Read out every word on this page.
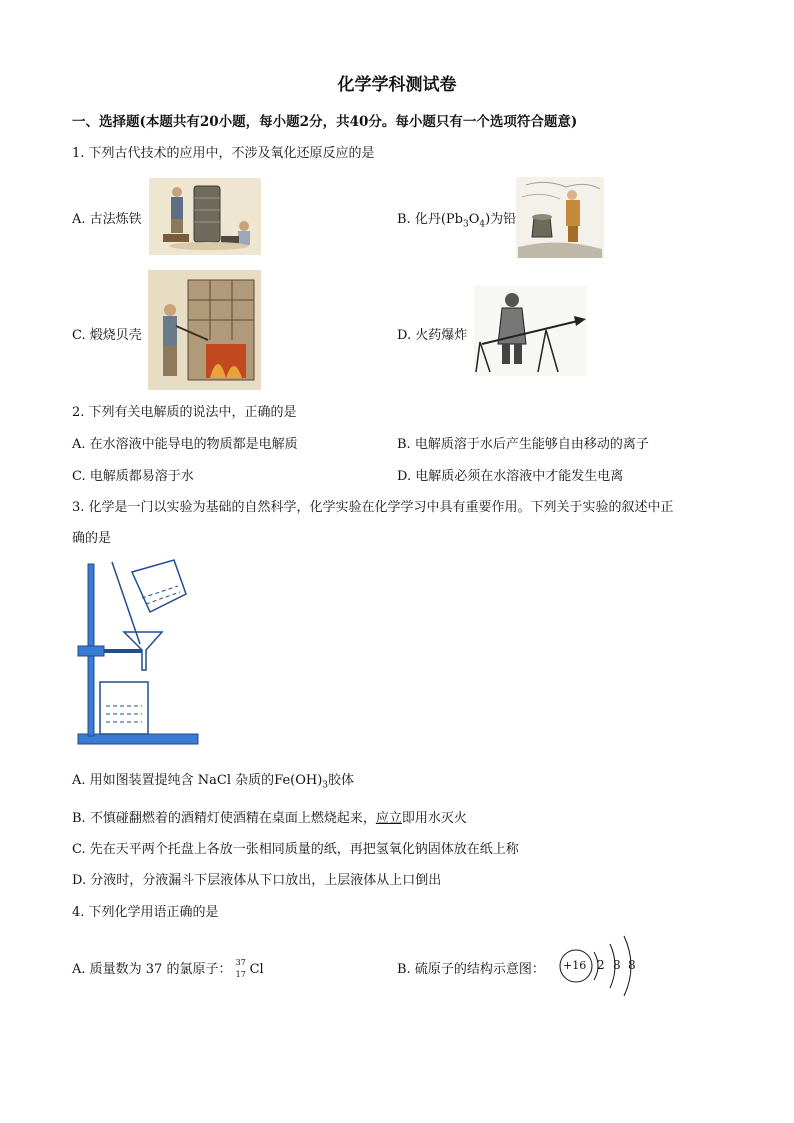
化学学科测试卷
一、选择题(本题共有20小题，每小题2分，共40分。每小题只有一个选项符合题意)
1. 下列古代技术的应用中，不涉及氧化还原反应的是
A. 古法炼铁	B. 化丹$(Pb_3O_4)$为铅
C. 煅烧贝壳	D. 火药爆炸
2. 下列有关电解质的说法中，正确的是
A. 在水溶液中能导电的物质都是电解质	B. 电解质溶于水后产生能够自由移动的离子
C. 电解质都易溶于水	D. 电解质必须在水溶液中才能发生电离
3. 化学是一门以实验为基础的自然科学，化学实验在化学学习中具有重要作用。下列关于实验的叙述中正
确的是
A. 用如图装置提纯含 NaCl 杂质的$Fe(OH)_3$胶体
B. 不慎碰翻燃着的酒精灯使酒精在桌面上燃烧起来，应立即用水灭火
C. 先在天平两个托盘上各放一张相同质量的纸，再把氢氧化钠固体放在纸上称
D. 分液时，分液漏斗下层液体从下口放出，上层液体从上口倒出
4. 下列化学用语正确的是
A. 质量数为 37 的氯原子： 37
17 Cl	B. 硫原子的结构示意图： +16 2 8 8
